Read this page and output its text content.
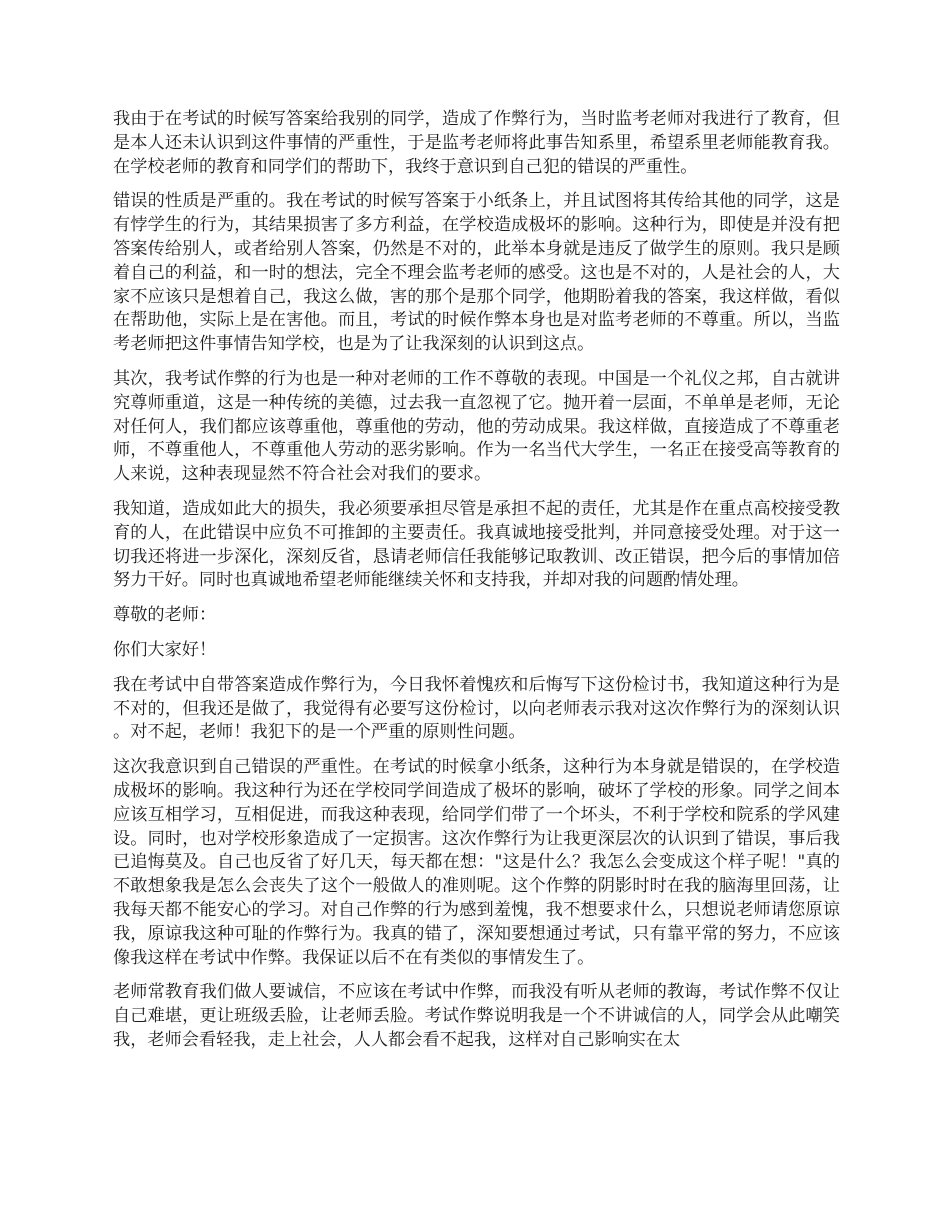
我由于在考试的时候写答案给我别的同学，造成了作弊行为，当时监考老师对我进行了教育，但是本人还未认识到这件事情的严重性，于是监考老师将此事告知系里，希望系里老师能教育我。在学校老师的教育和同学们的帮助下，我终于意识到自己犯的错误的严重性。

错误的性质是严重的。我在考试的时候写答案于小纸条上，并且试图将其传给其他的同学，这是有悖学生的行为，其结果损害了多方利益，在学校造成极坏的影响。这种行为，即使是并没有把答案传给别人，或者给别人答案，仍然是不对的，此举本身就是违反了做学生的原则。我只是顾着自己的利益，和一时的想法，完全不理会监考老师的感受。这也是不对的，人是社会的人，大家不应该只是想着自己，我这么做，害的那个是那个同学，他期盼着我的答案，我这样做，看似在帮助他，实际上是在害他。而且，考试的时候作弊本身也是对监考老师的不尊重。所以，当监考老师把这件事情告知学校，也是为了让我深刻的认识到这点。

其次，我考试作弊的行为也是一种对老师的工作不尊敬的表现。中国是一个礼仪之邦，自古就讲究尊师重道，这是一种传统的美德，过去我一直忽视了它。抛开着一层面，不单单是老师，无论对任何人，我们都应该尊重他，尊重他的劳动，他的劳动成果。我这样做，直接造成了不尊重老师，不尊重他人，不尊重他人劳动的恶劣影响。作为一名当代大学生，一名正在接受高等教育的人来说，这种表现显然不符合社会对我们的要求。

我知道，造成如此大的损失，我必须要承担尽管是承担不起的责任，尤其是作在重点高校接受教育的人，在此错误中应负不可推卸的主要责任。我真诚地接受批判，并同意接受处理。对于这一切我还将进一步深化，深刻反省，恳请老师信任我能够记取教训、改正错误，把今后的事情加倍努力干好。同时也真诚地希望老师能继续关怀和支持我，并却对我的问题酌情处理。

尊敬的老师：

你们大家好！

我在考试中自带答案造成作弊行为，今日我怀着愧疚和后悔写下这份检讨书，我知道这种行为是不对的，但我还是做了，我觉得有必要写这份检讨，以向老师表示我对这次作弊行为的深刻认识。对不起，老师！我犯下的是一个严重的原则性问题。

这次我意识到自己错误的严重性。在考试的时候拿小纸条，这种行为本身就是错误的，在学校造成极坏的影响。我这种行为还在学校同学间造成了极坏的影响，破坏了学校的形象。同学之间本应该互相学习，互相促进，而我这种表现，给同学们带了一个坏头，不利于学校和院系的学风建设。同时，也对学校形象造成了一定损害。这次作弊行为让我更深层次的认识到了错误，事后我已追悔莫及。自己也反省了好几天，每天都在想："这是什么？我怎么会变成这个样子呢！"真的不敢想象我是怎么会丧失了这个一般做人的准则呢。这个作弊的阴影时时在我的脑海里回荡，让我每天都不能安心的学习。对自己作弊的行为感到羞愧，我不想要求什么，只想说老师请您原谅我，原谅我这种可耻的作弊行为。我真的错了，深知要想通过考试，只有靠平常的努力，不应该像我这样在考试中作弊。我保证以后不在有类似的事情发生了。

老师常教育我们做人要诚信，不应该在考试中作弊，而我没有听从老师的教诲，考试作弊不仅让自己难堪，更让班级丢脸，让老师丢脸。考试作弊说明我是一个不讲诚信的人，同学会从此嘲笑我，老师会看轻我，走上社会，人人都会看不起我，这样对自己影响实在太
